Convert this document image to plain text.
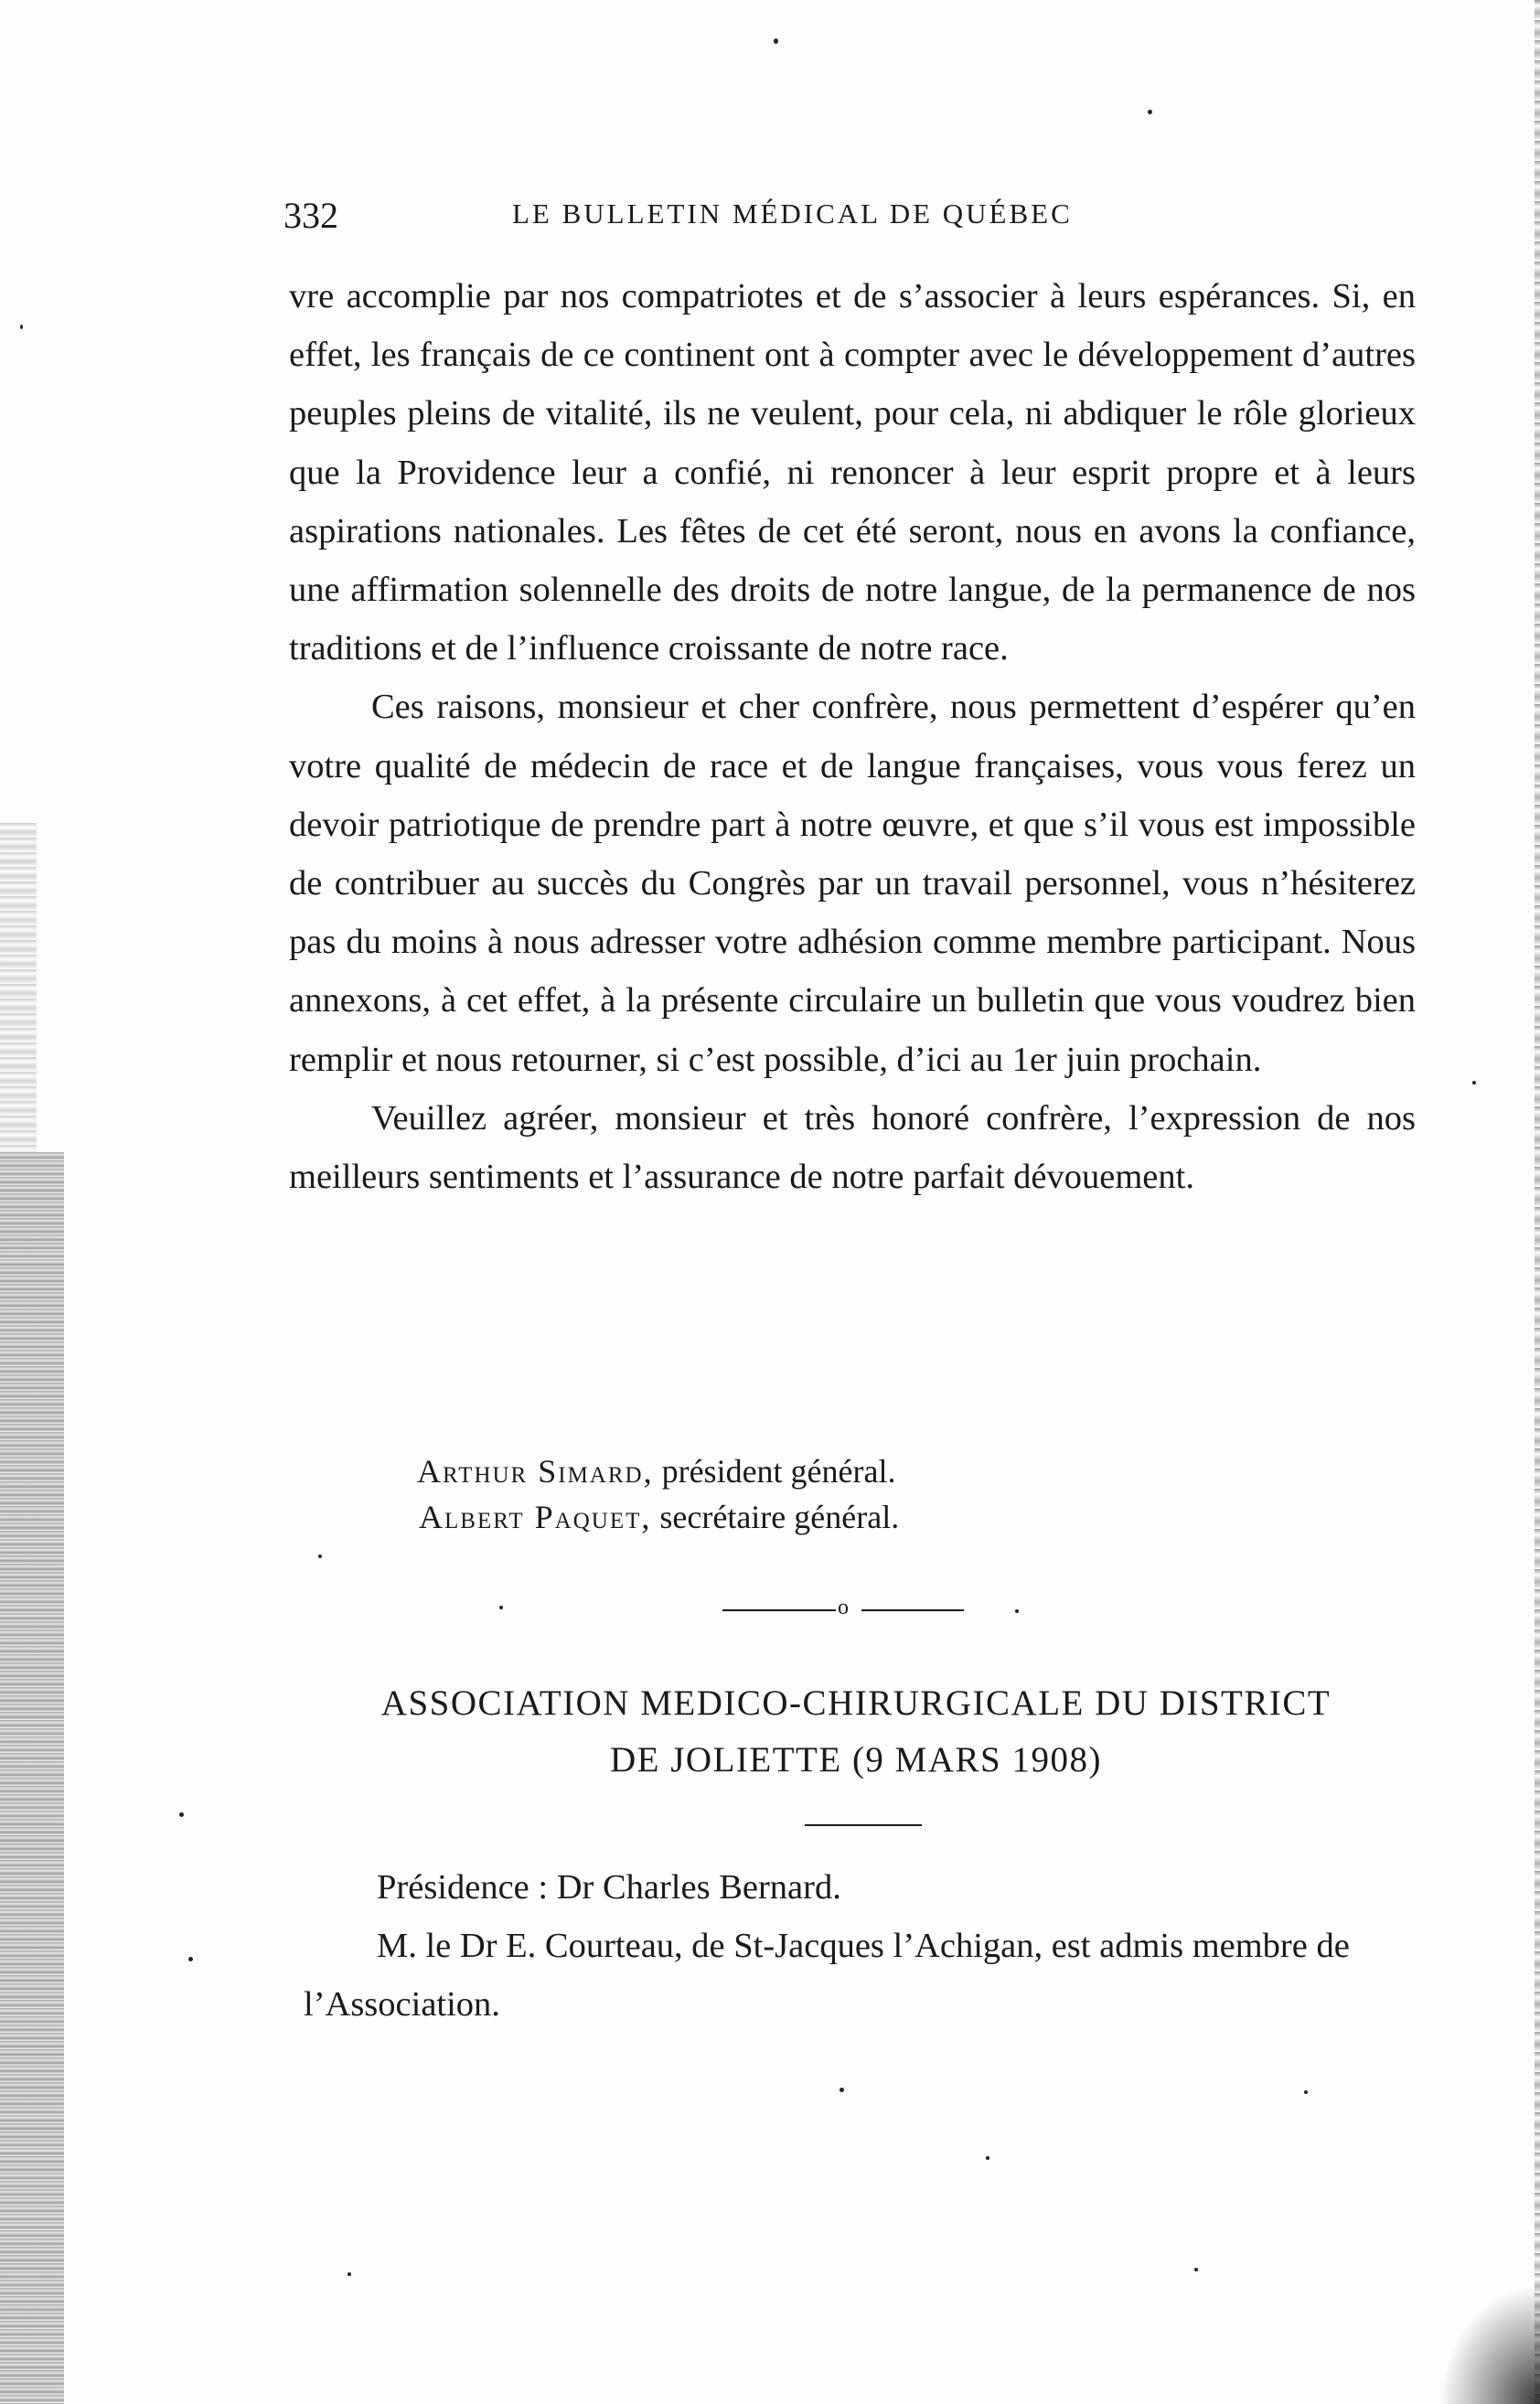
332	LE BULLETIN MÉDICAL DE QUÉBEC

vre accomplie par nos compatriotes et de s’associer à leurs espérances. Si, en effet, les français de ce continent ont à compter avec le développement d’autres peuples pleins de vitalité, ils ne veulent, pour cela, ni abdiquer le rôle glorieux que la Providence leur a confié, ni renoncer à leur esprit propre et à leurs aspirations nationales. Les fêtes de cet été seront, nous en avons la confiance, une affirmation solennelle des droits de notre langue, de la permanence de nos traditions et de l’influence croissante de notre race.

Ces raisons, monsieur et cher confrère, nous permettent d’espérer qu’en votre qualité de médecin de race et de langue françaises, vous vous ferez un devoir patriotique de prendre part à notre œuvre, et que s’il vous est impossible de contribuer au succès du Congrès par un travail personnel, vous n’hésiterez pas du moins à nous adresser votre adhésion comme membre participant. Nous annexons, à cet effet, à la présente circulaire un bulletin que vous voudrez bien remplir et nous retourner, si c’est possible, d’ici au 1er juin prochain.

Veuillez agréer, monsieur et très honoré confrère, l’expression de nos meilleurs sentiments et l’assurance de notre parfait dévouement.

Arthur Simard, président général.
Albert Paquet, secrétaire général.
o
ASSOCIATION MEDICO-CHIRURGICALE DU DISTRICT
DE JOLIETTE (9 MARS 1908)

Présidence : Dr Charles Bernard.

M. le Dr E. Courteau, de St-Jacques l’Achigan, est admis membre de l’Association.
